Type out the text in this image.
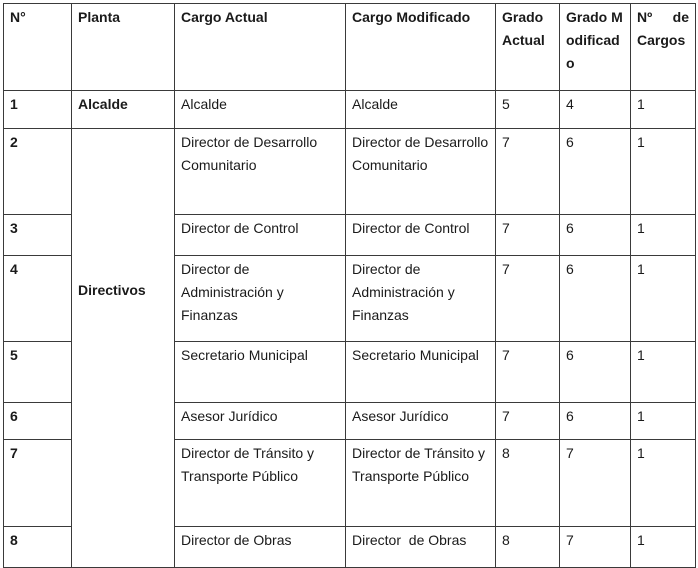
N°	Planta	Cargo Actual	Cargo Modificado	Grado Actual	Grado Modificado	Nº de Cargos
1	Alcalde	Alcalde	Alcalde	5	4	1
2	Directivos	Director de Desarrollo Comunitario	Director de Desarrollo Comunitario	7	6	1
3		Director de Control	Director de Control	7	6	1
4		Director de Administración y Finanzas	Director de Administración y Finanzas	7	6	1
5		Secretario Municipal	Secretario Municipal	7	6	1
6		Asesor Jurídico	Asesor Jurídico	7	6	1
7		Director de Tránsito y Transporte Público	Director de Tránsito y Transporte Público	8	7	1
8		Director de Obras	Director  de Obras	8	7	1
